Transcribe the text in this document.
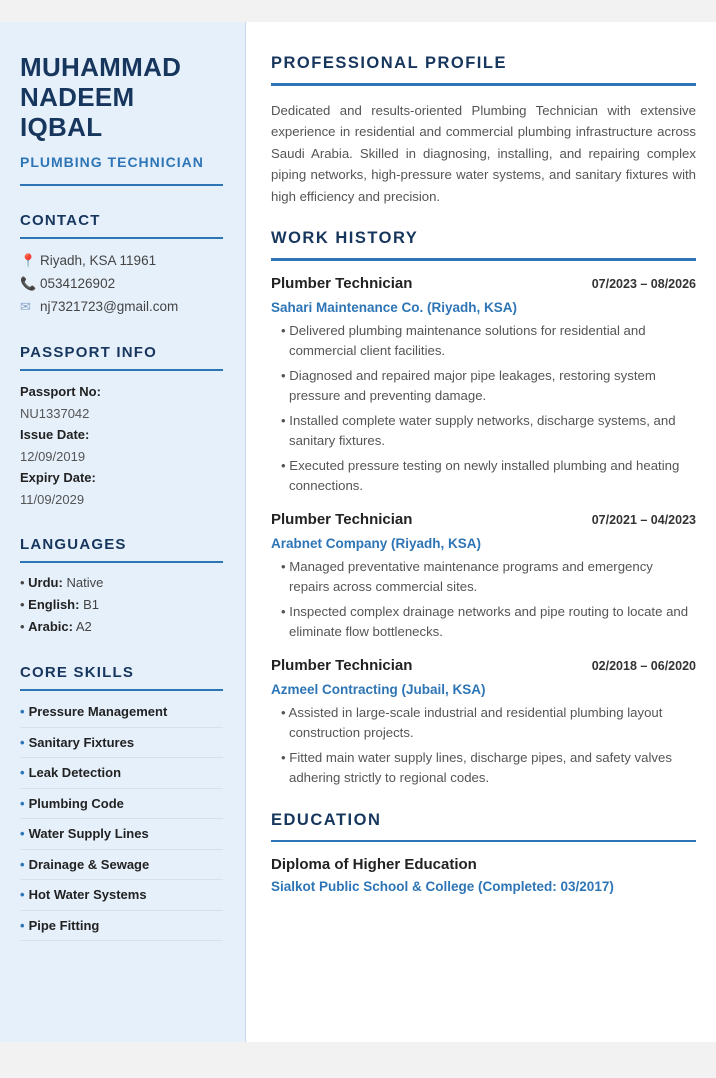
MUHAMMAD
NADEEM
IQBAL
PLUMBING TECHNICIAN
CONTACT
📍 Riyadh, KSA 11961
📞 0534126902
✉ nj7321723@gmail.com
PASSPORT INFO
Passport No:
NU1337042
Issue Date:
12/09/2019
Expiry Date:
11/09/2029
LANGUAGES
• Urdu: Native
• English: B1
• Arabic: A2
CORE SKILLS
• Pressure Management
• Sanitary Fixtures
• Leak Detection
• Plumbing Code
• Water Supply Lines
• Drainage & Sewage
• Hot Water Systems
• Pipe Fitting
PROFESSIONAL PROFILE

Dedicated and results-oriented Plumbing Technician with extensive experience in residential and commercial plumbing infrastructure across Saudi Arabia. Skilled in diagnosing, installing, and repairing complex piping networks, high-pressure water systems, and sanitary fixtures with high efficiency and precision.

WORK HISTORY
Plumber Technician	07/2023 – 08/2026
Sahari Maintenance Co. (Riyadh, KSA)
• Delivered plumbing maintenance solutions for residential and commercial client facilities.
• Diagnosed and repaired major pipe leakages, restoring system pressure and preventing damage.
• Installed complete water supply networks, discharge systems, and sanitary fixtures.
• Executed pressure testing on newly installed plumbing and heating connections.
Plumber Technician	07/2021 – 04/2023
Arabnet Company (Riyadh, KSA)
• Managed preventative maintenance programs and emergency repairs across commercial sites.
• Inspected complex drainage networks and pipe routing to locate and eliminate flow bottlenecks.
Plumber Technician	02/2018 – 06/2020
Azmeel Contracting (Jubail, KSA)
• Assisted in large-scale industrial and residential plumbing layout construction projects.
• Fitted main water supply lines, discharge pipes, and safety valves adhering strictly to regional codes.
EDUCATION
Diploma of Higher Education
Sialkot Public School & College (Completed: 03/2017)
